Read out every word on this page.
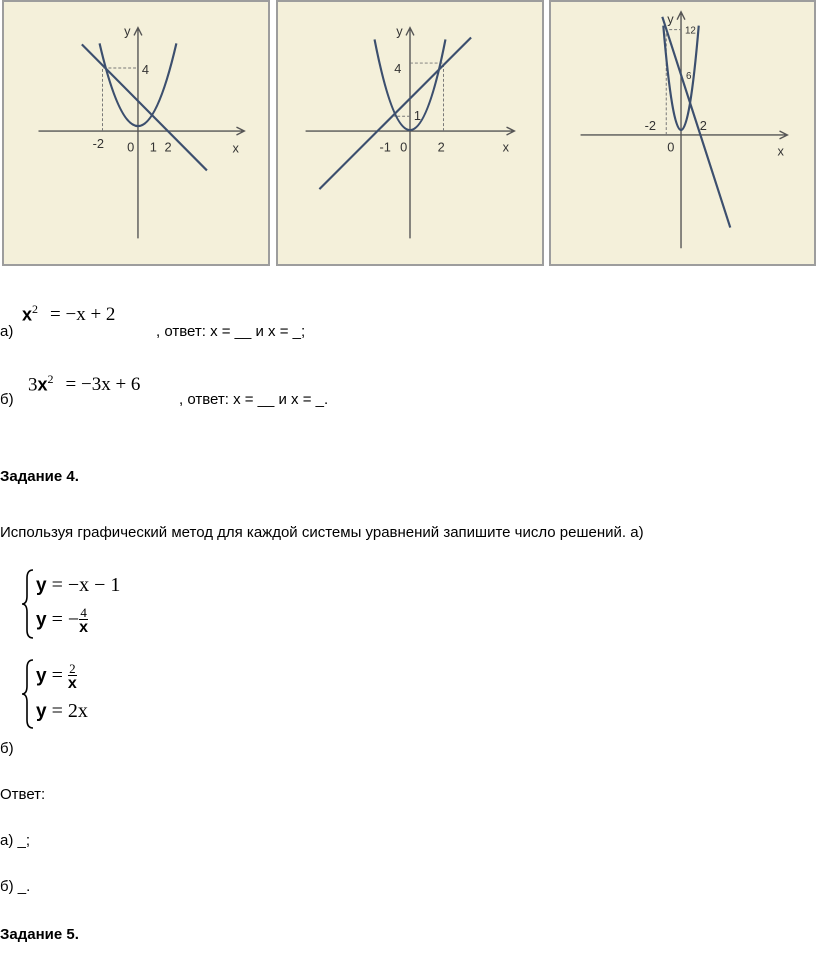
y
x
-2 0 1 2
4
y
x
-1 0 2
1
4
y
x
-2
0
2
6
12
а)
$x^2 = -x + 2$
, ответ: x = __ и x = _;
б)
$3x^2 = -3x + 6$
, ответ: x = __ и x = _.
Задание 4.
Используя графический метод для каждой системы уравнений запишите число решений. а)
y = −x − 1
y = − $\frac{4}{x}$
$y = \frac{2}{x}$
y = 2x
б)
Ответ:
а) _;
б) _.
Задание 5.
